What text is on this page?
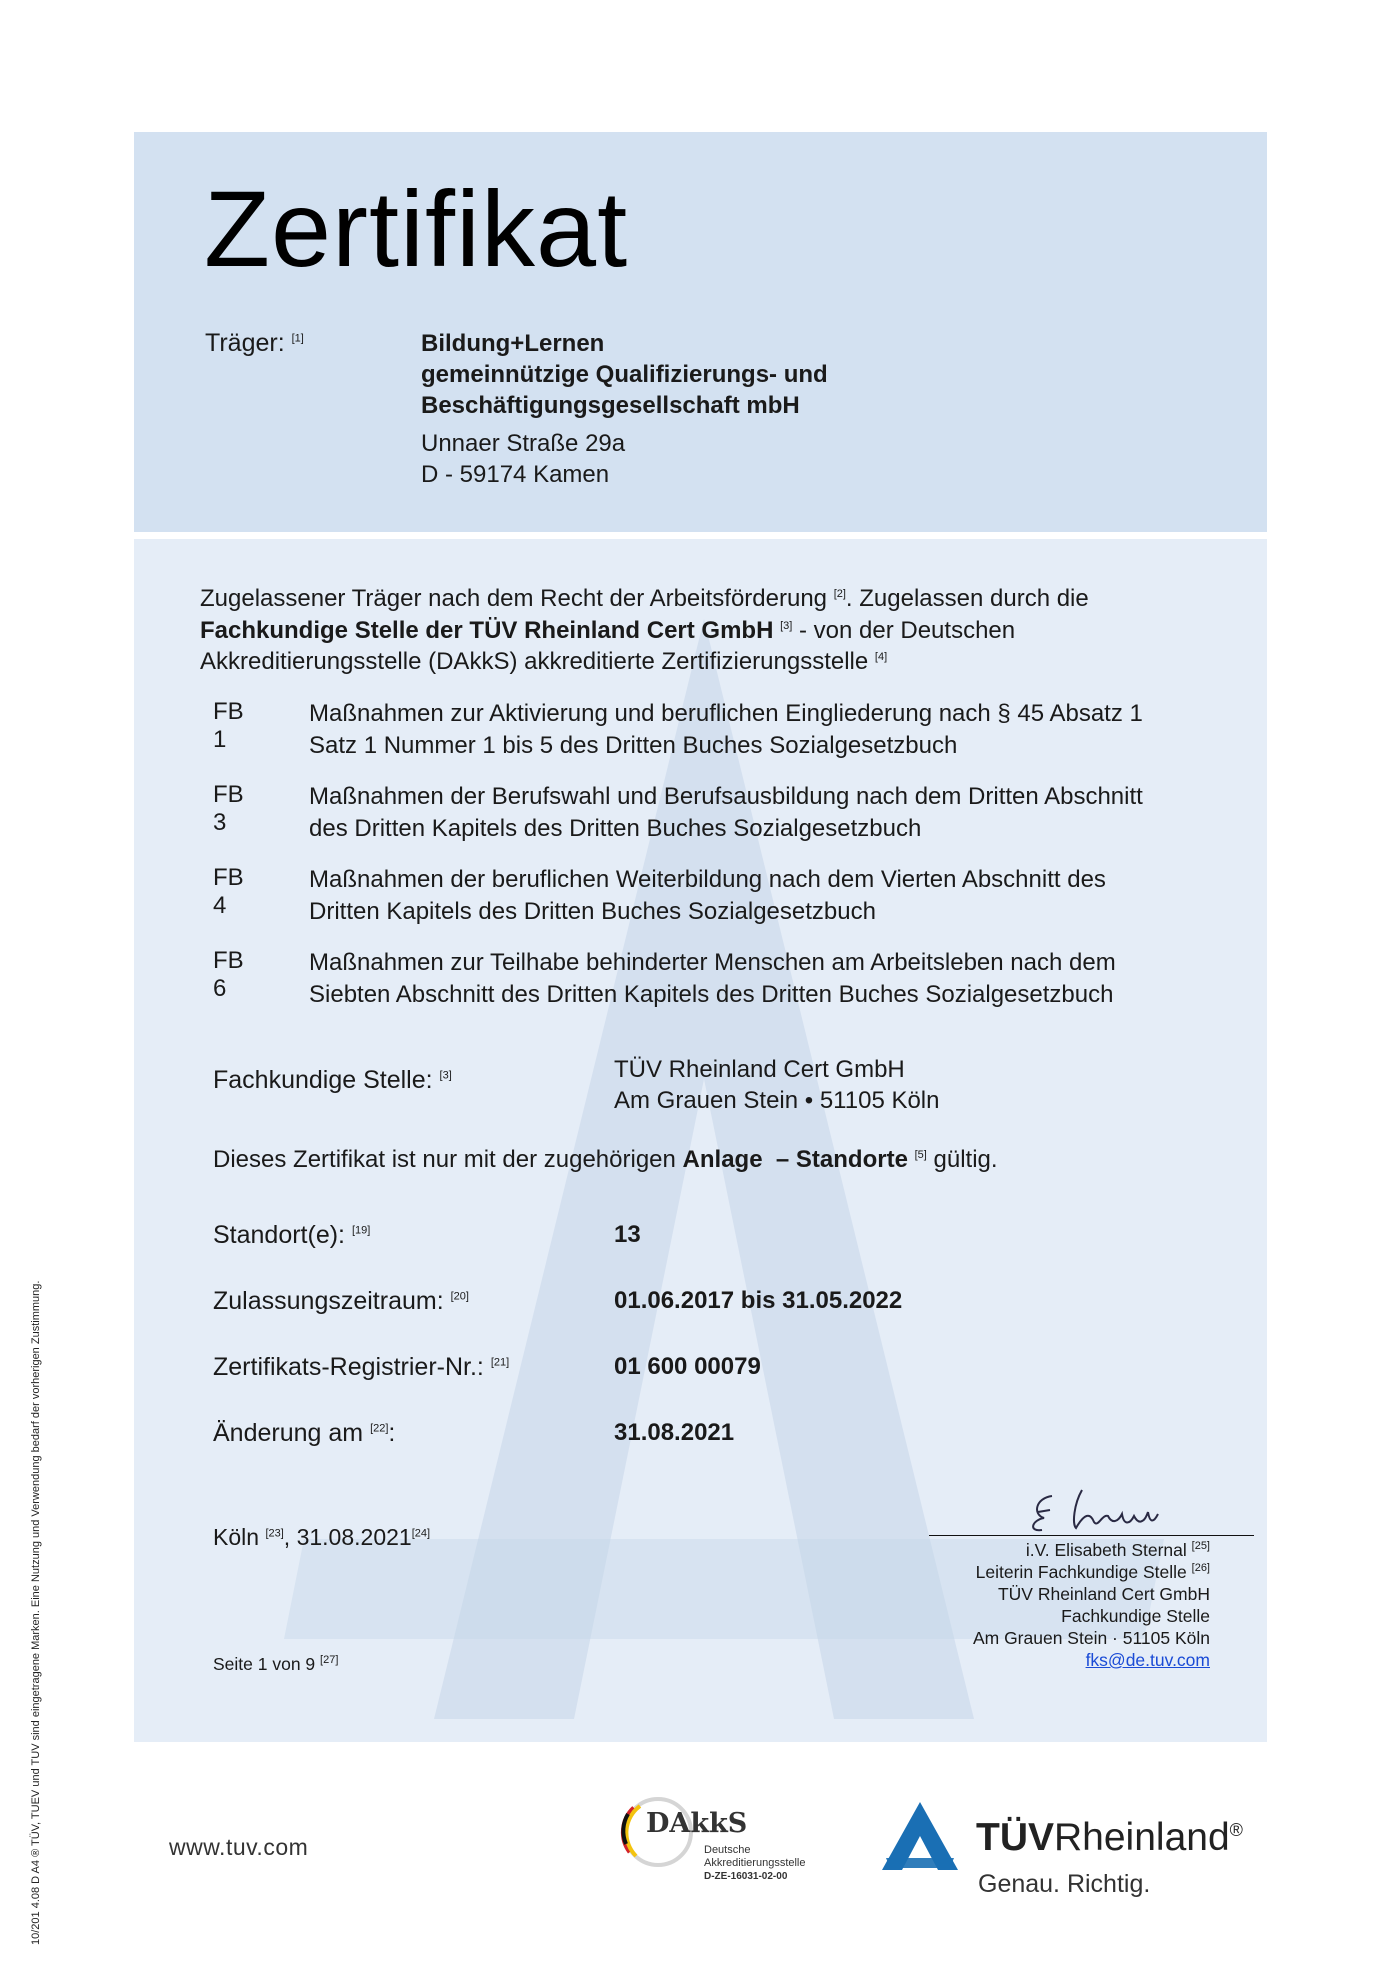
Zertifikat
Träger: [1]	Bildung+Lernen
gemeinnützige Qualifizierungs- und
Beschäftigungsgesellschaft mbH
Unnaer Straße 29a
D - 59174 Kamen
Zugelassener Träger nach dem Recht der Arbeitsförderung [2]. Zugelassen durch die
Fachkundige Stelle der TÜV Rheinland Cert GmbH [3] - von der Deutschen
Akkreditierungsstelle (DAkkS) akkreditierte Zertifizierungsstelle [4]
FB 1
Maßnahmen zur Aktivierung und beruflichen Eingliederung nach § 45 Absatz 1
Satz 1 Nummer 1 bis 5 des Dritten Buches Sozialgesetzbuch
FB 3
Maßnahmen der Berufswahl und Berufsausbildung nach dem Dritten Abschnitt
des Dritten Kapitels des Dritten Buches Sozialgesetzbuch
FB 4
Maßnahmen der beruflichen Weiterbildung nach dem Vierten Abschnitt des
Dritten Kapitels des Dritten Buches Sozialgesetzbuch
FB 6
Maßnahmen zur Teilhabe behinderter Menschen am Arbeitsleben nach dem
Siebten Abschnitt des Dritten Kapitels des Dritten Buches Sozialgesetzbuch
Fachkundige Stelle: [3]	TÜV Rheinland Cert GmbH
Am Grauen Stein • 51105 Köln
Dieses Zertifikat ist nur mit der zugehörigen Anlage – Standorte [5] gültig.
Standort(e): [19]	13
Zulassungszeitraum: [20]	01.06.2017 bis 31.05.2022
Zertifikats-Registrier-Nr.: [21]	01 600 00079
Änderung am [22]:	31.08.2021
Köln [23], 31.08.2021[24]
i.V. Elisabeth Sternal [25]
Leiterin Fachkundige Stelle [26]
TÜV Rheinland Cert GmbH
Fachkundige Stelle
Am Grauen Stein · 51105 Köln
fks@de.tuv.com
Seite 1 von 9 [27]
www.tuv.com
DAkkS
Deutsche
Akkreditierungsstelle
D-ZE-16031-02-00
TÜVRheinland®
Genau. Richtig.
10/201 4.08 D A4 ® TÜV, TUEV und TUV sind eingetragene Marken. Eine Nutzung und Verwendung bedarf der vorherigen Zustimmung.
